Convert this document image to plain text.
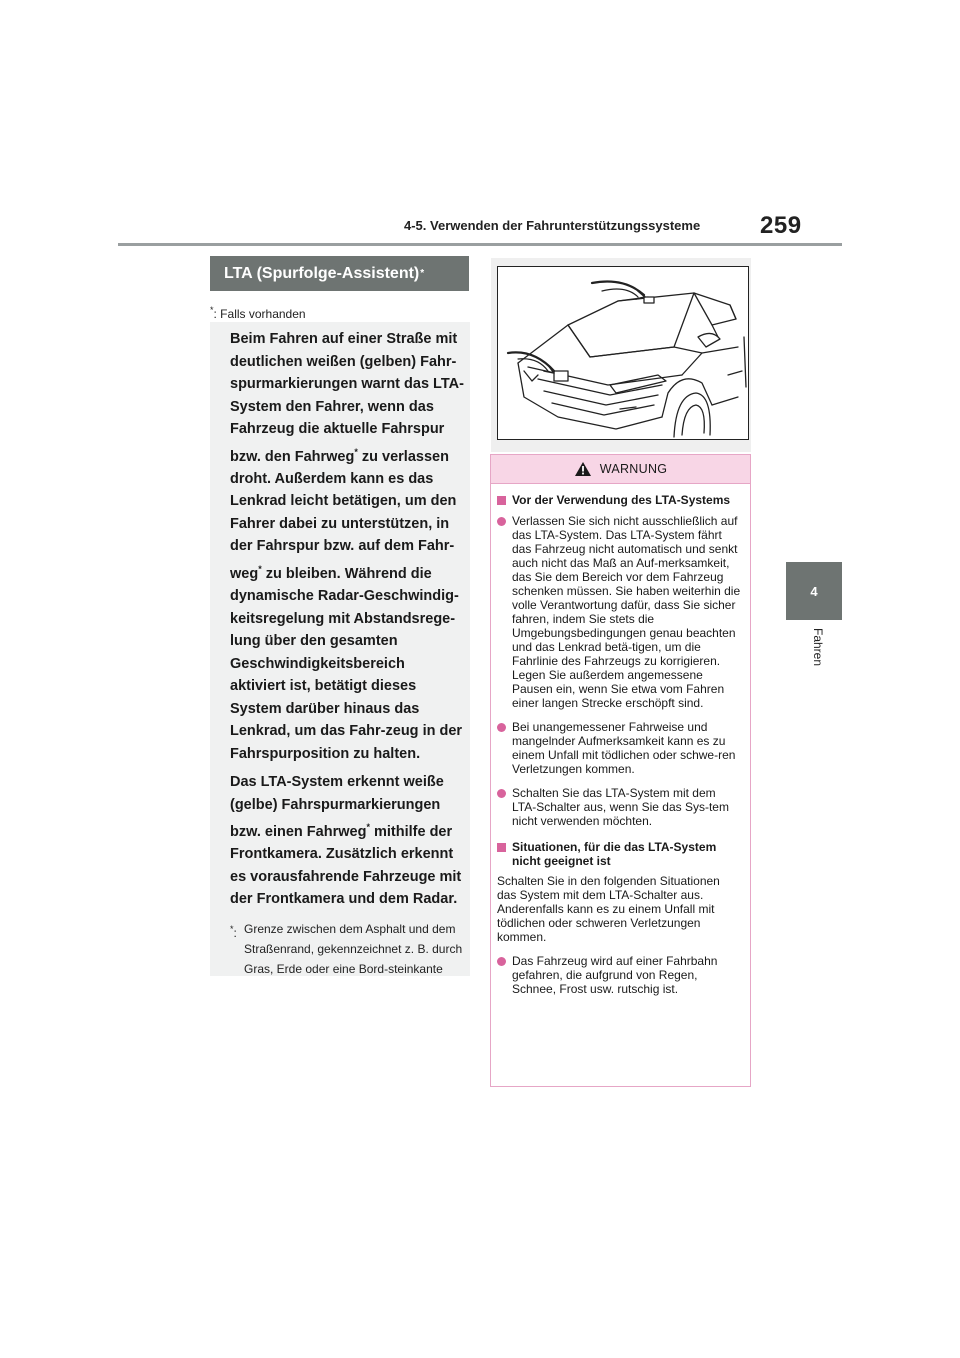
4-5. Verwenden der Fahrunterstützungssysteme 259
4
Fahren
LTA (Spurfolge-Assistent) *
*: Falls vorhanden

Beim Fahren auf einer Straße mit deutlichen weißen (gelben) Fahr-spurmarkierungen warnt das LTA-System den Fahrer, wenn das Fahrzeug die aktuelle Fahrspur bzw. den Fahrweg* zu verlassen droht. Außerdem kann es das Lenkrad leicht betätigen, um den Fahrer dabei zu unterstützen, in der Fahrspur bzw. auf dem Fahr-weg* zu bleiben. Während die dynamische Radar-Geschwindig-keitsregelung mit Abstandsrege-lung über den gesamten Geschwindigkeitsbereich aktiviert ist, betätigt dieses System darüber hinaus das Lenkrad, um das Fahr-zeug in der Fahrspurposition zu halten.

Das LTA-System erkennt weiße (gelbe) Fahrspurmarkierungen bzw. einen Fahrweg* mithilfe der Frontkamera. Zusätzlich erkennt es vorausfahrende Fahrzeuge mit der Frontkamera und dem Radar.

*: Grenze zwischen dem Asphalt und dem Straßenrand, gekennzeichnet z. B. durch Gras, Erde oder eine Bord-steinkante
WARNUNG
Vor der Verwendung des LTA-Systems
Verlassen Sie sich nicht ausschließlich auf das LTA-System. Das LTA-System fährt das Fahrzeug nicht automatisch und senkt auch nicht das Maß an Auf-merksamkeit, das Sie dem Bereich vor dem Fahrzeug schenken müssen. Sie haben weiterhin die volle Verantwortung dafür, dass Sie sicher fahren, indem Sie stets die Umgebungsbedingungen genau beachten und das Lenkrad betä-tigen, um die Fahrlinie des Fahrzeugs zu korrigieren. Legen Sie außerdem angemessene Pausen ein, wenn Sie etwa vom Fahren einer langen Strecke erschöpft sind.
Bei unangemessener Fahrweise und mangelnder Aufmerksamkeit kann es zu einem Unfall mit tödlichen oder schwe-ren Verletzungen kommen.
Schalten Sie das LTA-System mit dem LTA-Schalter aus, wenn Sie das Sys-tem nicht verwenden möchten.
Situationen, für die das LTA-System nicht geeignet ist
Schalten Sie in den folgenden Situationen das System mit dem LTA-Schalter aus. Anderenfalls kann es zu einem Unfall mit tödlichen oder schweren Verletzungen kommen.
Das Fahrzeug wird auf einer Fahrbahn gefahren, die aufgrund von Regen, Schnee, Frost usw. rutschig ist.
